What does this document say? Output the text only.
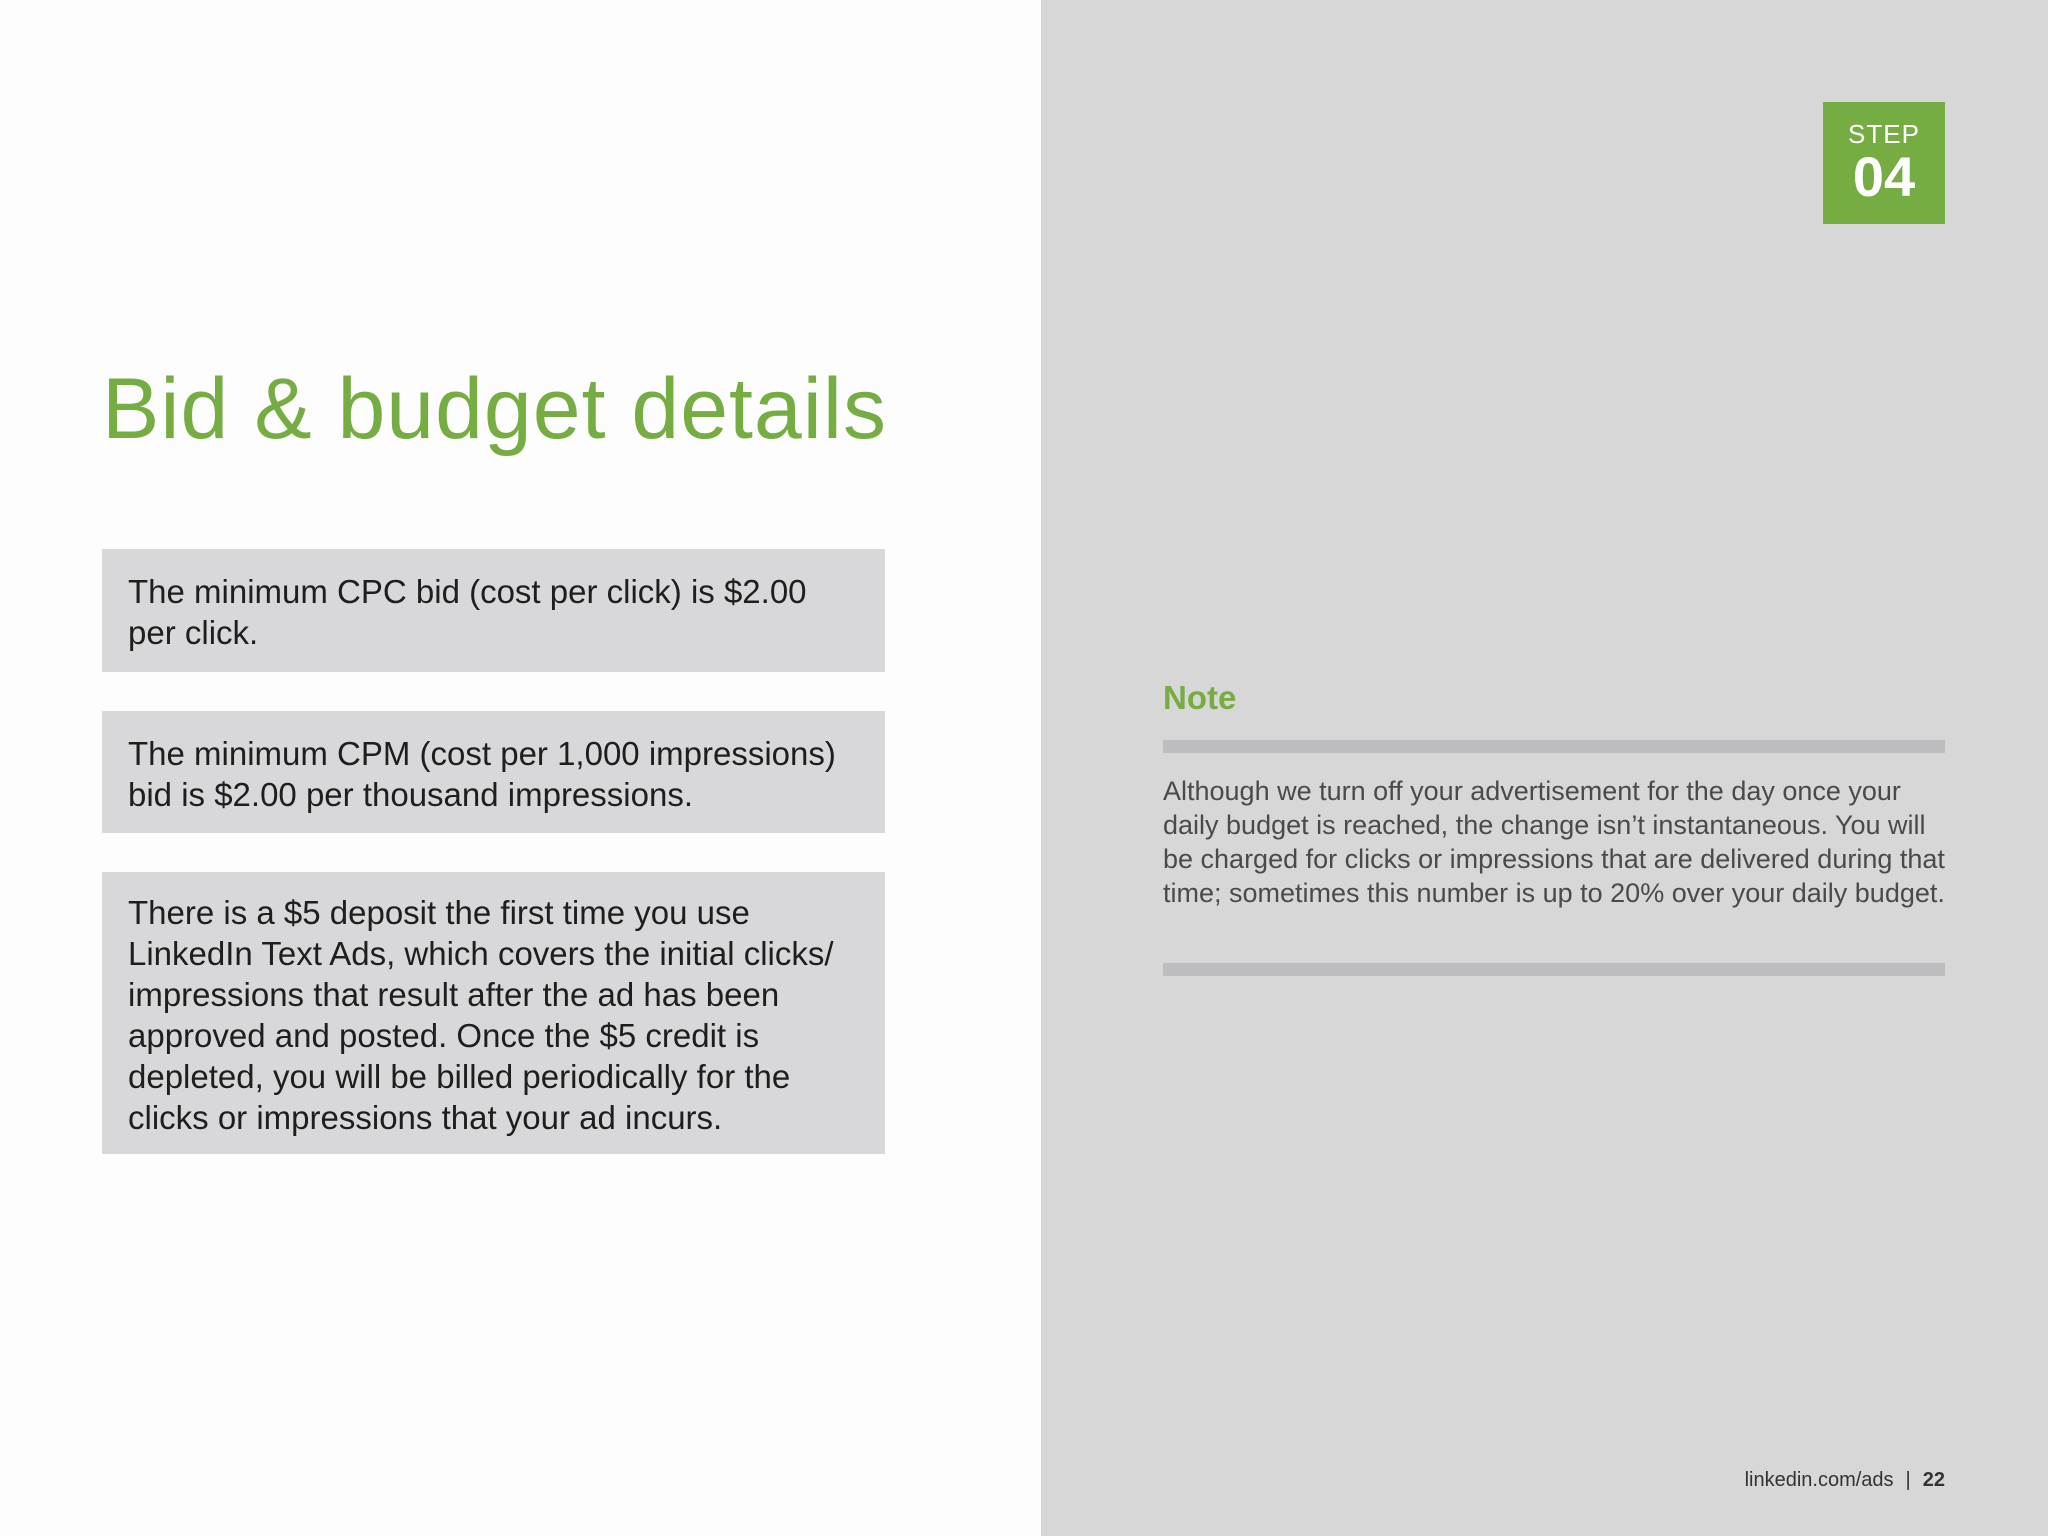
Bid & budget details

The minimum CPC bid (cost per click) is $2.00 per click.

The minimum CPM (cost per 1,000 impressions) bid is $2.00 per thousand impressions.

There is a $5 deposit the first time you use LinkedIn Text Ads, which covers the initial clicks/ impressions that result after the ad has been approved and posted. Once the $5 credit is depleted, you will be billed periodically for the clicks or impressions that your ad incurs.

STEP
04
Note

Although we turn off your advertisement for the day once your daily budget is reached, the change isn’t instantaneous. You will be charged for clicks or impressions that are delivered during that time; sometimes this number is up to 20% over your daily budget.

linkedin.com/ads | 22
